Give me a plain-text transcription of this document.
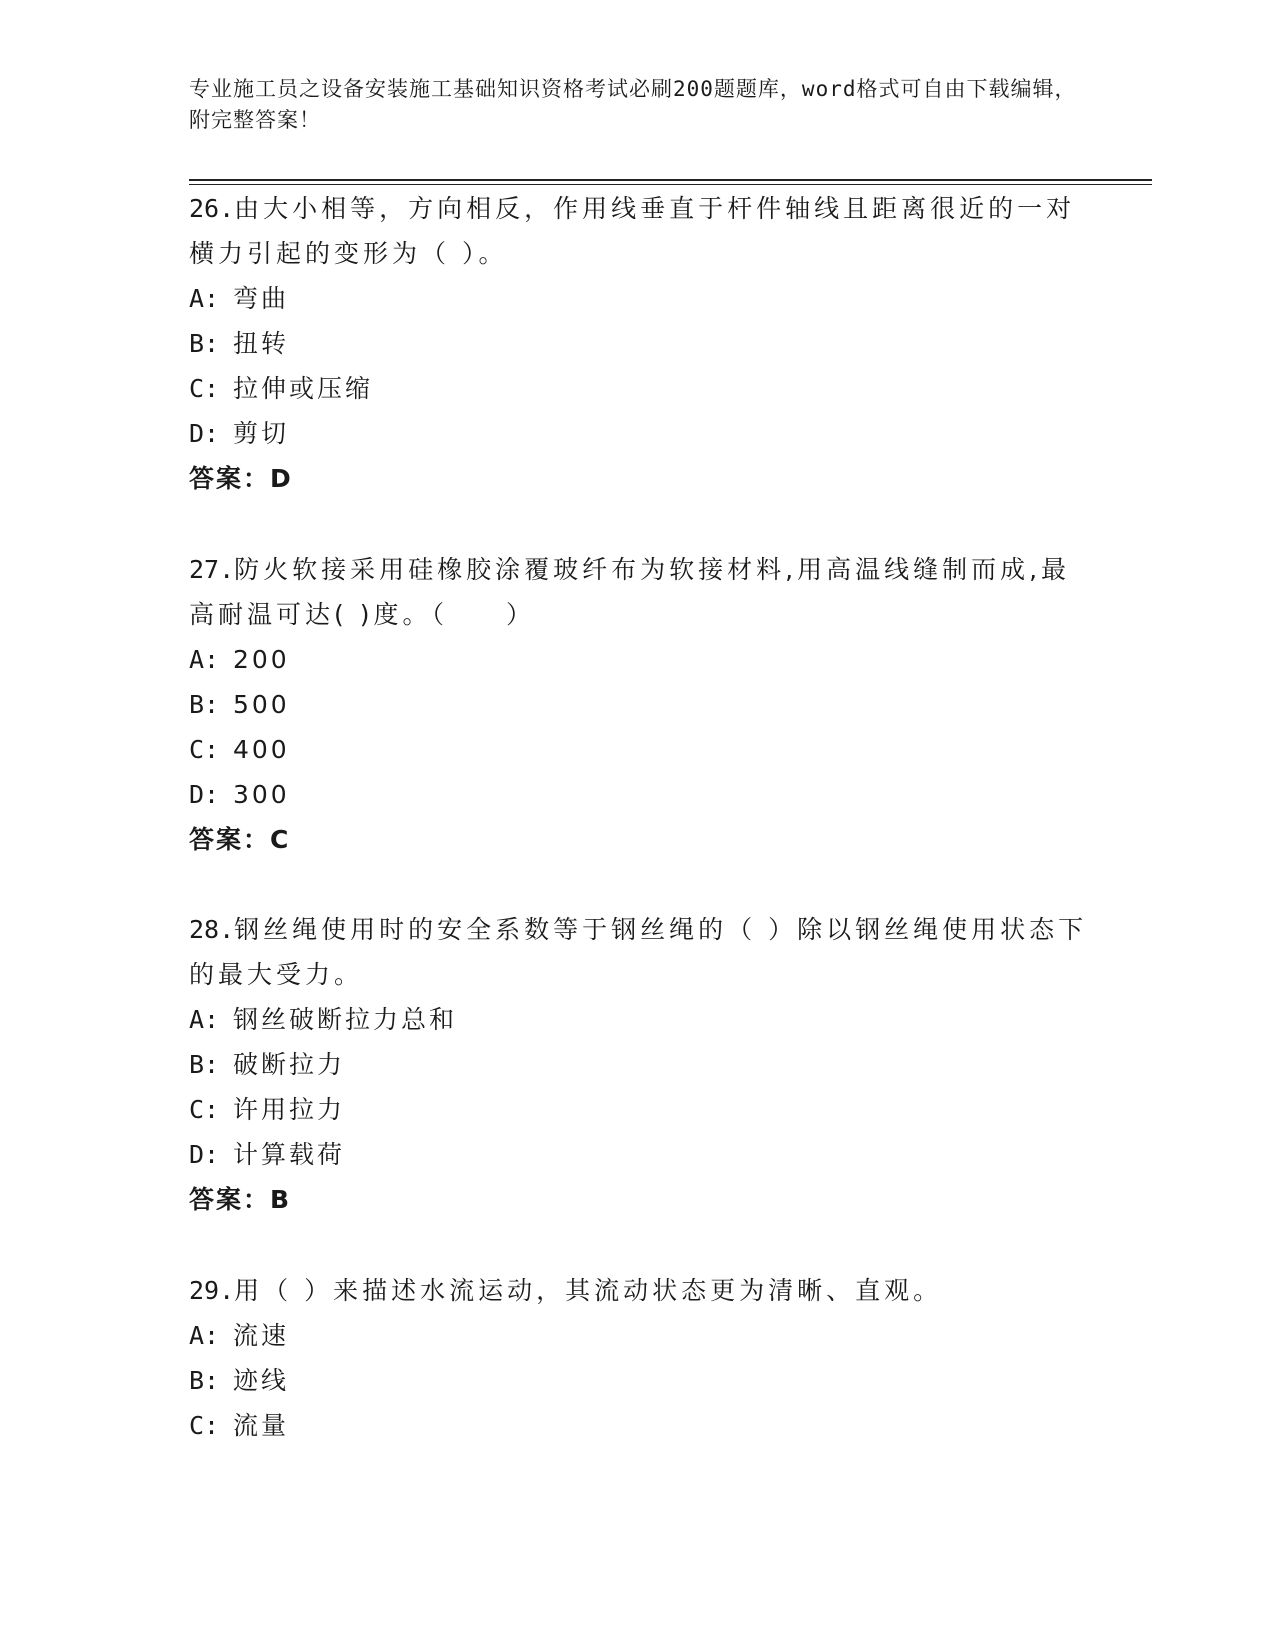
专业施工员之设备安装施工基础知识资格考试必刷200题题库，word格式可自由下载编辑，附完整答案！

26.由大小相等，方向相反，作用线垂直于杆件轴线且距离很近的一对横力引起的变形为（ ）。

A: 弯曲
B: 扭转
C: 拉伸或压缩
D: 剪切
答案：D

27.防火软接采用硅橡胶涂覆玻纤布为软接材料,用高温线缝制而成,最高耐温可达( )度。（　　）

A: 200
B: 500
C: 400
D: 300
答案：C

28.钢丝绳使用时的安全系数等于钢丝绳的（ ）除以钢丝绳使用状态下的最大受力。

A: 钢丝破断拉力总和
B: 破断拉力
C: 许用拉力
D: 计算载荷
答案：B

29.用（ ）来描述水流运动，其流动状态更为清晰、直观。

A: 流速
B: 迹线
C: 流量
